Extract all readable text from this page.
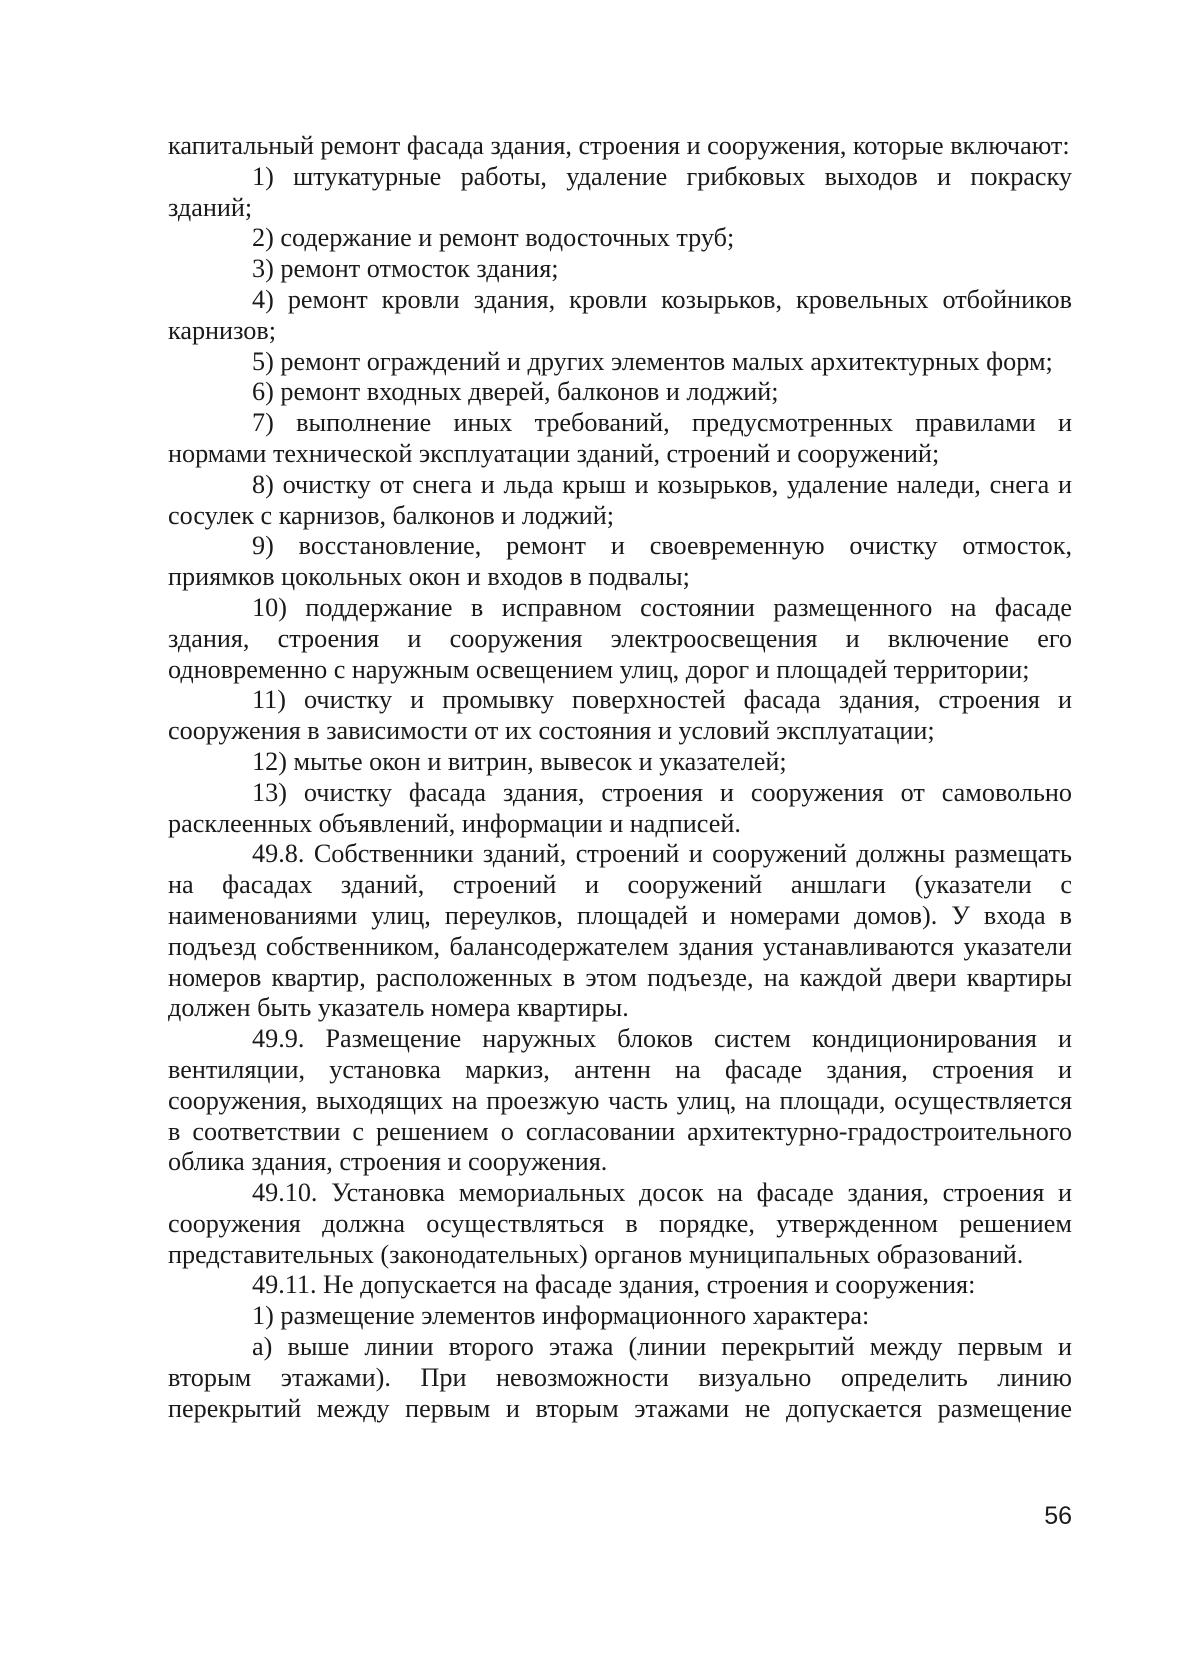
капитальный ремонт фасада здания, строения и сооружения, которые включают:

1) штукатурные работы, удаление грибковых выходов и покраску зданий;

2) содержание и ремонт водосточных труб;

3) ремонт отмосток здания;

4) ремонт кровли здания, кровли козырьков, кровельных отбойников карнизов;

5) ремонт ограждений и других элементов малых архитектурных форм;

6) ремонт входных дверей, балконов и лоджий;

7) выполнение иных требований, предусмотренных правилами и нормами технической эксплуатации зданий, строений и сооружений;

8) очистку от снега и льда крыш и козырьков, удаление наледи, снега и сосулек с карнизов, балконов и лоджий;

9) восстановление, ремонт и своевременную очистку отмосток, приямков цокольных окон и входов в подвалы;

10) поддержание в исправном состоянии размещенного на фасаде здания, строения и сооружения электроосвещения и включение его одновременно с наружным освещением улиц, дорог и площадей территории;

11) очистку и промывку поверхностей фасада здания, строения и сооружения в зависимости от их состояния и условий эксплуатации;

12) мытье окон и витрин, вывесок и указателей;

13) очистку фасада здания, строения и сооружения от самовольно расклеенных объявлений, информации и надписей.

49.8. Собственники зданий, строений и сооружений должны размещать на фасадах зданий, строений и сооружений аншлаги (указатели с наименованиями улиц, переулков, площадей и номерами домов). У входа в подъезд собственником, балансодержателем здания устанавливаются указатели номеров квартир, расположенных в этом подъезде, на каждой двери квартиры должен быть указатель номера квартиры.

49.9. Размещение наружных блоков систем кондиционирования и вентиляции, установка маркиз, антенн на фасаде здания, строения и сооружения, выходящих на проезжую часть улиц, на площади, осуществляется в соответствии с решением о согласовании архитектурно-градостроительного облика здания, строения и сооружения.

49.10. Установка мемориальных досок на фасаде здания, строения и сооружения должна осуществляться в порядке, утвержденном решением представительных (законодательных) органов муниципальных образований.

49.11. Не допускается на фасаде здания, строения и сооружения:

1) размещение элементов информационного характера:

а) выше линии второго этажа (линии перекрытий между первым и вторым этажами). При невозможности визуально определить линию перекрытий между первым и вторым этажами не допускается размещение

56
